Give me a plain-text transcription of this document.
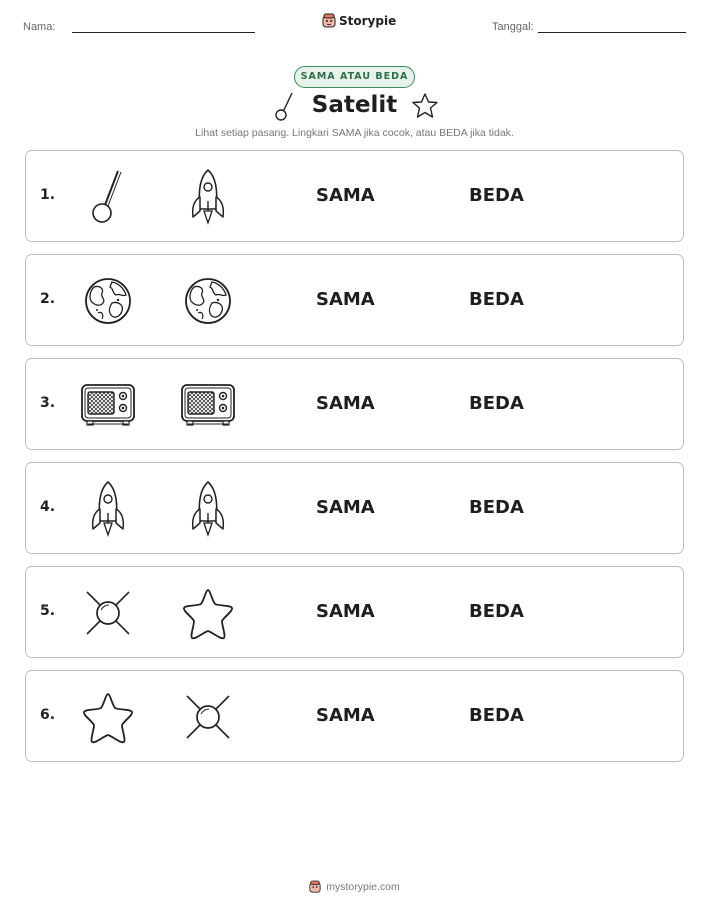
Nama:	Storypie	Tanggal:
SAMA ATAU BEDA
Satelit
Lihat setiap pasang. Lingkari SAMA jika cocok, atau BEDA jika tidak.
1.	SAMA	BEDA
2.	SAMA	BEDA
3.	SAMA	BEDA
4.	SAMA	BEDA
5.	SAMA	BEDA
6.	SAMA	BEDA
mystorypie.com
